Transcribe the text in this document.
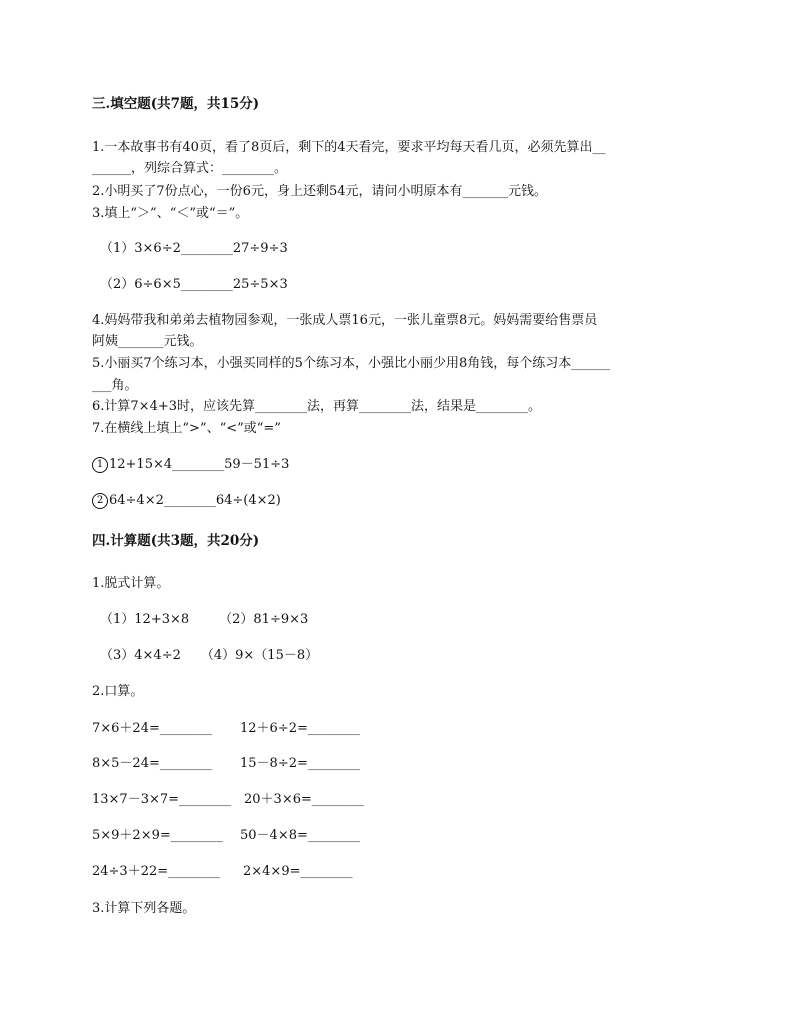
三.填空题(共7题，共15分)
1.一本故事书有40页，看了8页后，剩下的4天看完，要求平均每天看几页，必须先算出__
______，列综合算式：________。
2.小明买了7份点心，一份6元，身上还剩54元，请问小明原本有_______元钱。
3.填上“＞”、“＜”或“＝”。
（1）3×6÷2________27÷9÷3
（2）6÷6×5________25÷5×3
4.妈妈带我和弟弟去植物园参观，一张成人票16元，一张儿童票8元。妈妈需要给售票员
阿姨_______元钱。
5.小丽买7个练习本，小强买同样的5个练习本，小强比小丽少用8角钱，每个练习本______
___角。
6.计算7×4+3时，应该先算________法，再算________法，结果是________。
7.在横线上填上“>”、“<”或“=”
1 12+15×4________59－51÷3
2 64÷4×2________64÷(4×2)
四.计算题(共3题，共20分)
1.脱式计算。
（1）12+3×8 （2）81÷9×3
（3）4×4÷2 （4）9×（15－8）
2.口算。
7×6＋24=________ 12＋6÷2=________
8×5－24=________ 15－8÷2=________
13×7－3×7=________ 20＋3×6=________
5×9＋2×9=________ 50－4×8=________
24÷3＋22=________ 2×4×9=________
3.计算下列各题。
